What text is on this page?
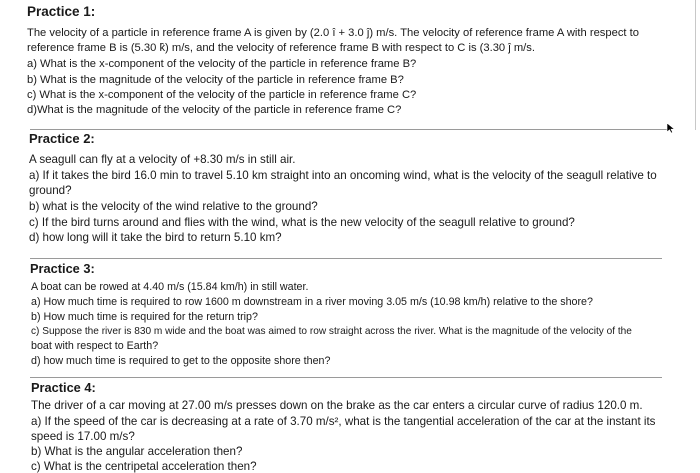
Practice 1:
The velocity of a particle in reference frame A is given by (2.0 î + 3.0 ĵ) m/s. The velocity of reference frame A with respect to
reference frame B is (5.30 k̂) m/s, and the velocity of reference frame B with respect to C is (3.30 ĵ m/s.
a) What is the x-component of the velocity of the particle in reference frame B?
b) What is the magnitude of the velocity of the particle in reference frame B?
c) What is the x-component of the velocity of the particle in reference frame C?
d)What is the magnitude of the velocity of the particle in reference frame C?
Practice 2:
A seagull can fly at a velocity of +8.30 m/s in still air.
a) If it takes the bird 16.0 min to travel 5.10 km straight into an oncoming wind, what is the velocity of the seagull relative to
ground?
b) what is the velocity of the wind relative to the ground?
c) If the bird turns around and flies with the wind, what is the new velocity of the seagull relative to ground?
d) how long will it take the bird to return 5.10 km?
Practice 3:
A boat can be rowed at 4.40 m/s (15.84 km/h) in still water.
a) How much time is required to row 1600 m downstream in a river moving 3.05 m/s (10.98 km/h) relative to the shore?
b) How much time is required for the return trip?
c) Suppose the river is 830 m wide and the boat was aimed to row straight across the river. What is the magnitude of the velocity of the
boat with respect to Earth?
d) how much time is required to get to the opposite shore then?
Practice 4:
The driver of a car moving at 27.00 m/s presses down on the brake as the car enters a circular curve of radius 120.0 m.
a) If the speed of the car is decreasing at a rate of 3.70 m/s², what is the tangential acceleration of the car at the instant its
speed is 17.00 m/s?
b) What is the angular acceleration then?
c) What is the centripetal acceleration then?
